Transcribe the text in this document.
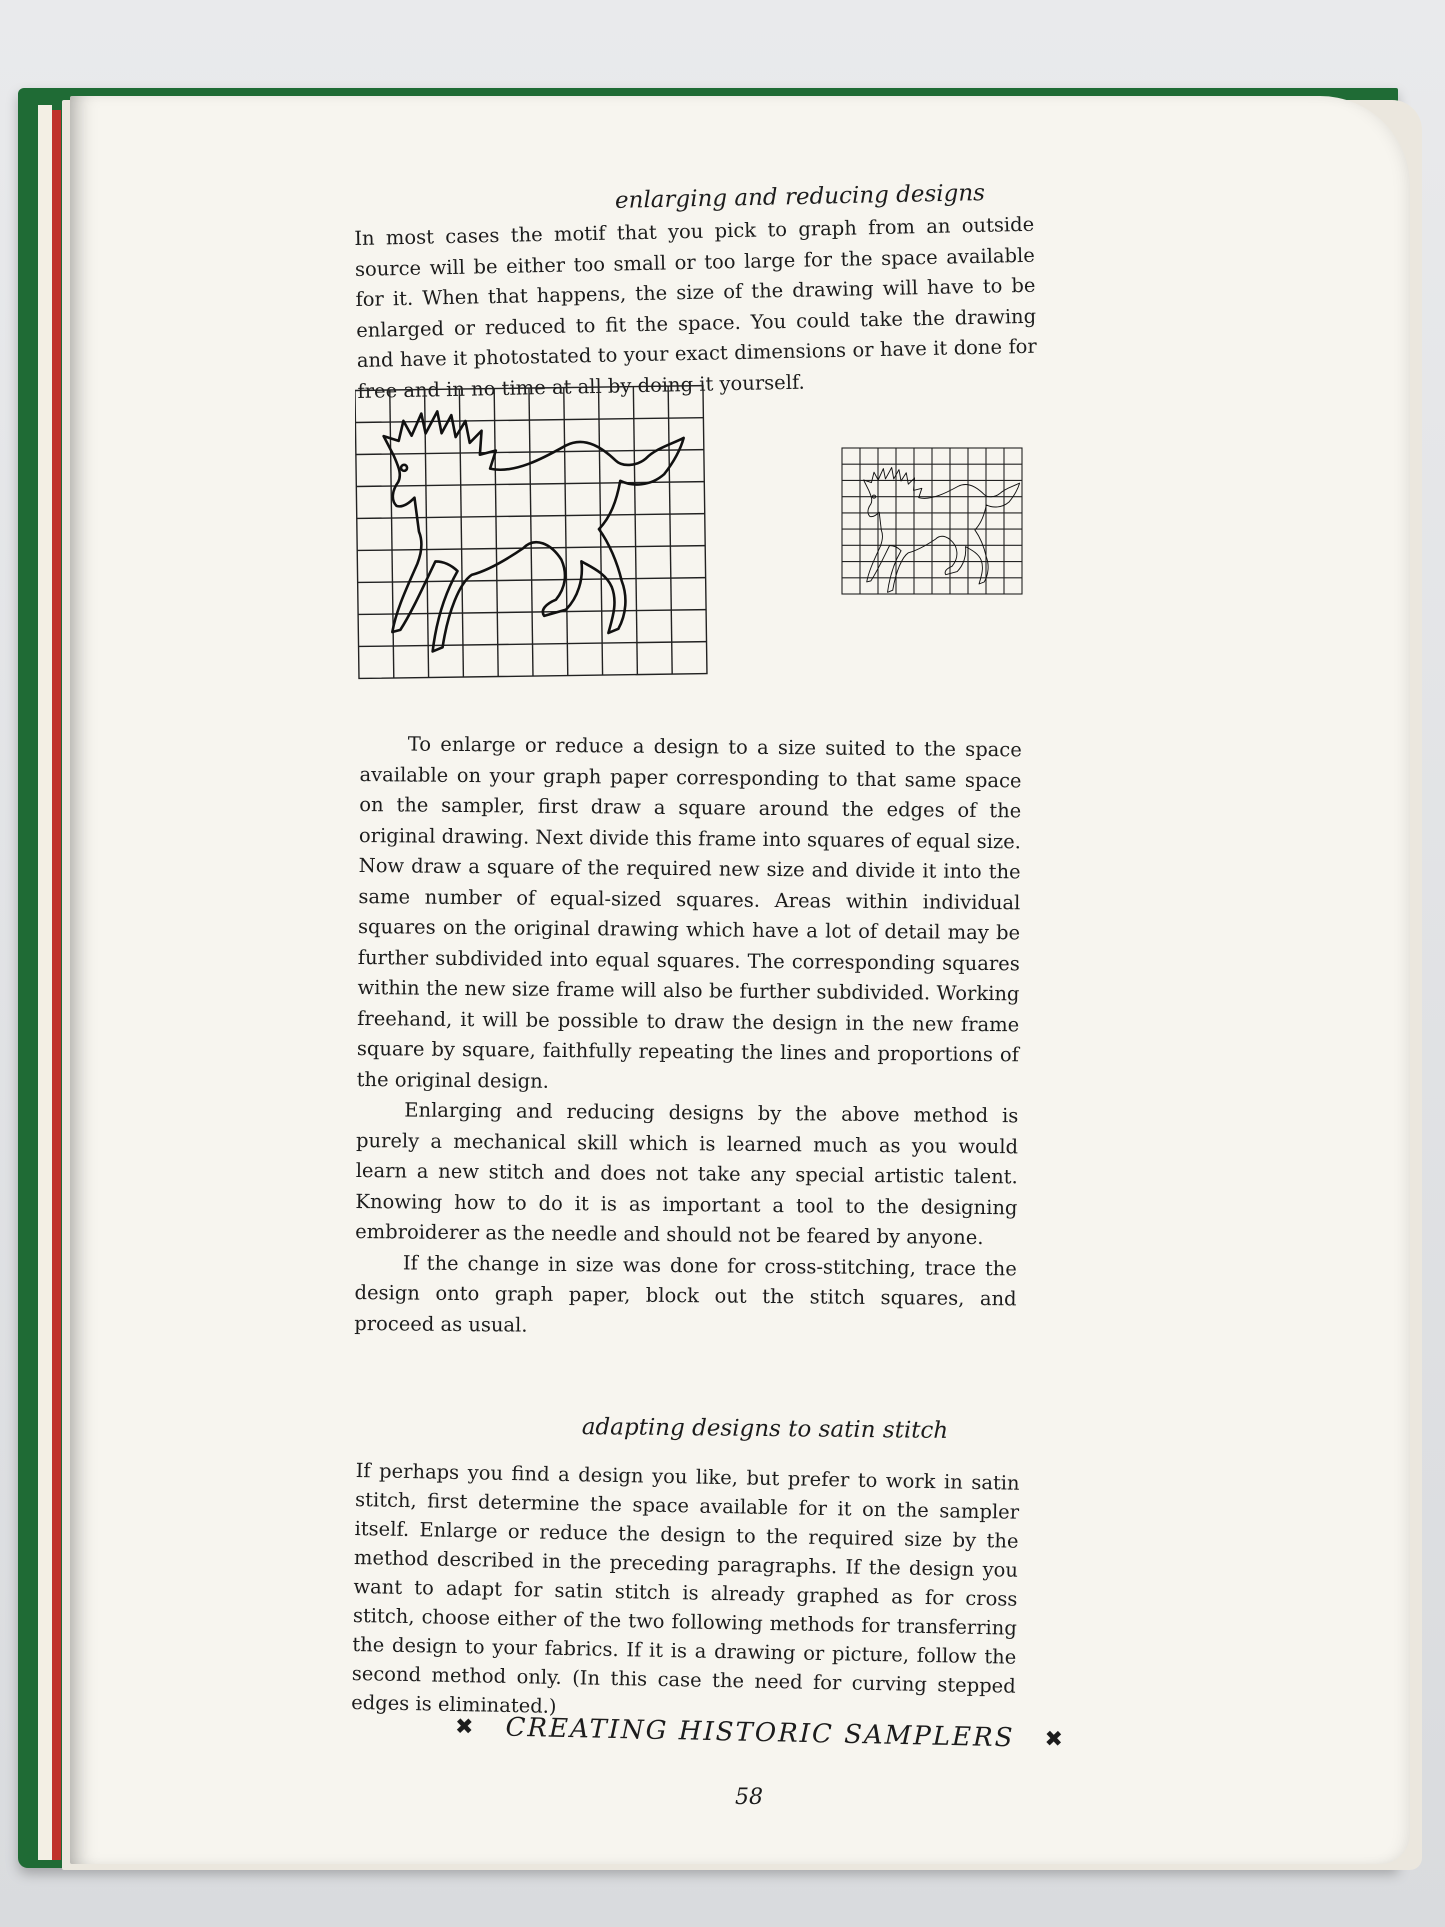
enlarging and reducing designs

In most cases the motif that you pick to graph from an outside source will be either too small or too large for the space available for it. When that happens, the size of the drawing will have to be enlarged or reduced to fit the space. You could take the drawing and have it photostated to your exact dimensions or have it done for free and in no time at all by doing it yourself.

To enlarge or reduce a design to a size suited to the space available on your graph paper corresponding to that same space on the sampler, first draw a square around the edges of the original drawing. Next divide this frame into squares of equal size. Now draw a square of the required new size and divide it into the same number of equal-sized squares. Areas within individual squares on the original drawing which have a lot of detail may be further subdivided into equal squares. The corresponding squares within the new size frame will also be further subdivided. Working freehand, it will be possible to draw the design in the new frame square by square, faithfully repeating the lines and proportions of the original design.

Enlarging and reducing designs by the above method is purely a mechanical skill which is learned much as you would learn a new stitch and does not take any special artistic talent. Knowing how to do it is as important a tool to the designing embroiderer as the needle and should not be feared by anyone.

If the change in size was done for cross-stitching, trace the design onto graph paper, block out the stitch squares, and proceed as usual.

adapting designs to satin stitch

If perhaps you find a design you like, but prefer to work in satin stitch, first determine the space available for it on the sampler itself. Enlarge or reduce the design to the required size by the method described in the preceding paragraphs. If the design you want to adapt for satin stitch is already graphed as for cross stitch, choose either of the two following methods for transferring the design to your fabrics. If it is a drawing or picture, follow the second method only. (In this case the need for curving stepped edges is eliminated.)

✖ CREATING HISTORIC SAMPLERS ✖
58
